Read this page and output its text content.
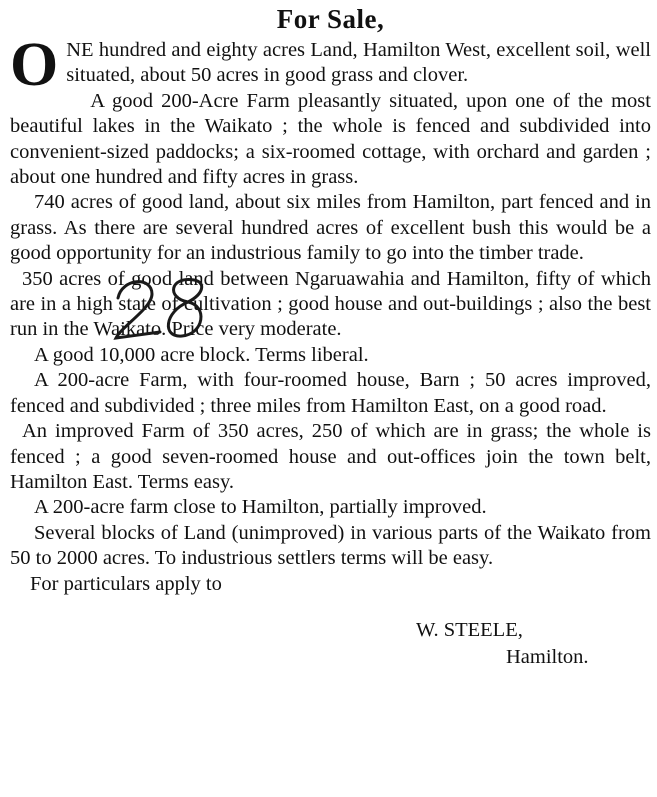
For Sale,

ONE hundred and eighty acres Land, Hamilton West, excellent soil, well situated, about 50 acres in good grass and clover.

A good 200-Acre Farm pleasantly situated, upon one of the most beautiful lakes in the Waikato ; the whole is fenced and subdivided into convenient-sized paddocks; a six-roomed cottage, with orchard and garden ; about one hundred and fifty acres in grass.

740 acres of good land, about six miles from Hamilton, part fenced and in grass. As there are several hundred acres of excellent bush this would be a good opportunity for an industrious family to go into the timber trade.

350 acres of good land between Ngaruawahia and Hamilton, fifty of which are in a high state of cultivation ; good house and out-buildings ; also the best run in the Waikato. Price very moderate.

A good 10,000 acre block. Terms liberal.

A 200-acre Farm, with four-roomed house, Barn ; 50 acres improved, fenced and subdivided ; three miles from Hamilton East, on a good road.

An improved Farm of 350 acres, 250 of which are in grass; the whole is fenced ; a good seven-roomed house and out-offices join the town belt, Hamilton East. Terms easy.

A 200-acre farm close to Hamilton, partially improved.

Several blocks of Land (unimproved) in various parts of the Waikato from 50 to 2000 acres. To industrious settlers terms will be easy.

For particulars apply to

W. STEELE,
Hamilton.
